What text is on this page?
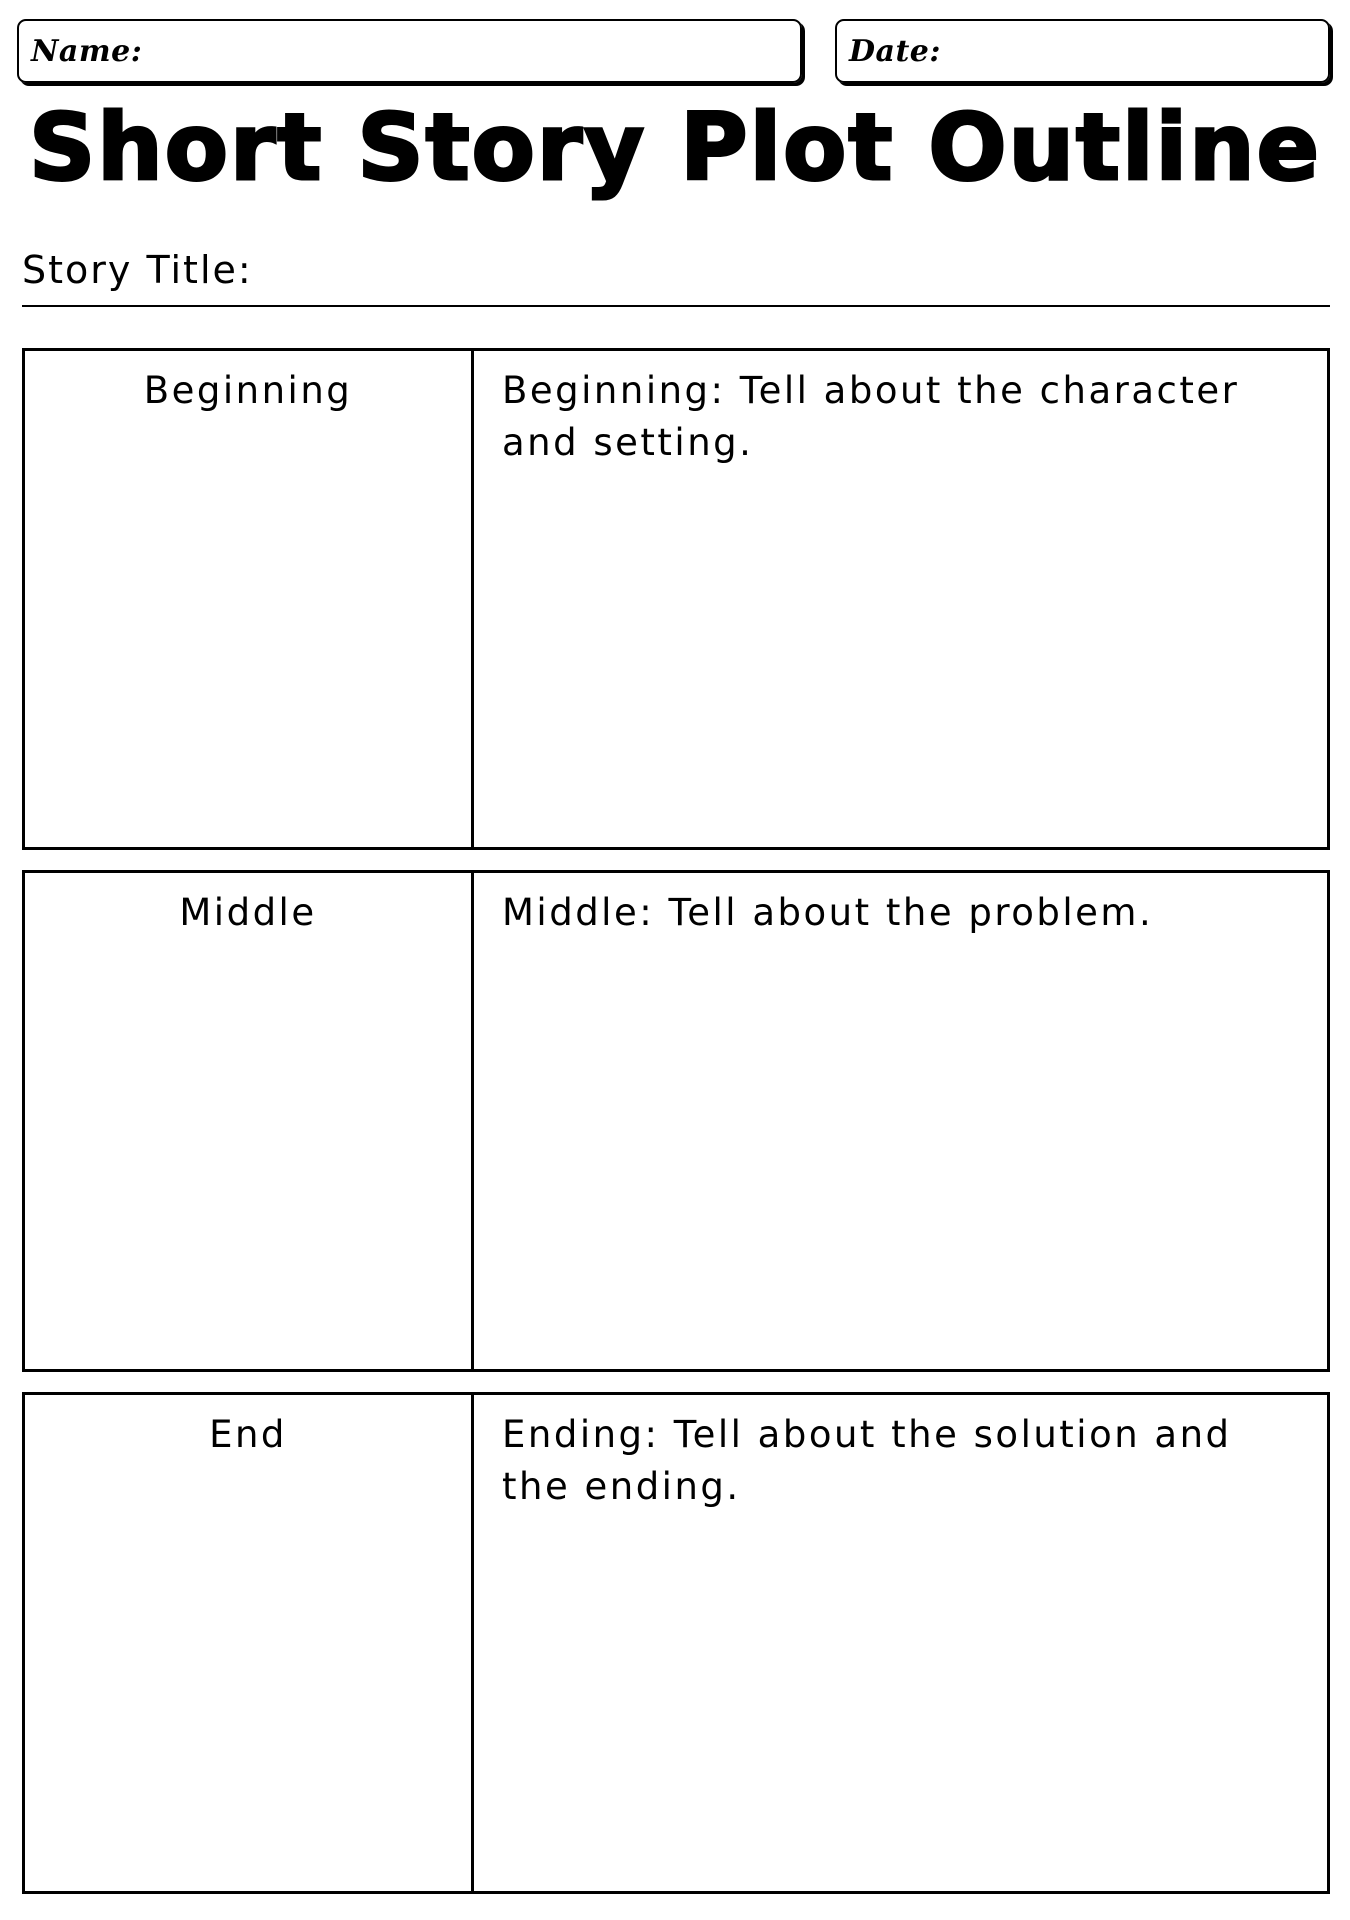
Name:	Date:
Short Story Plot Outline
Story Title:
Beginning	Beginning: Tell about the character and setting.

Middle	Middle: Tell about the problem.

End	Ending: Tell about the solution and the ending.
